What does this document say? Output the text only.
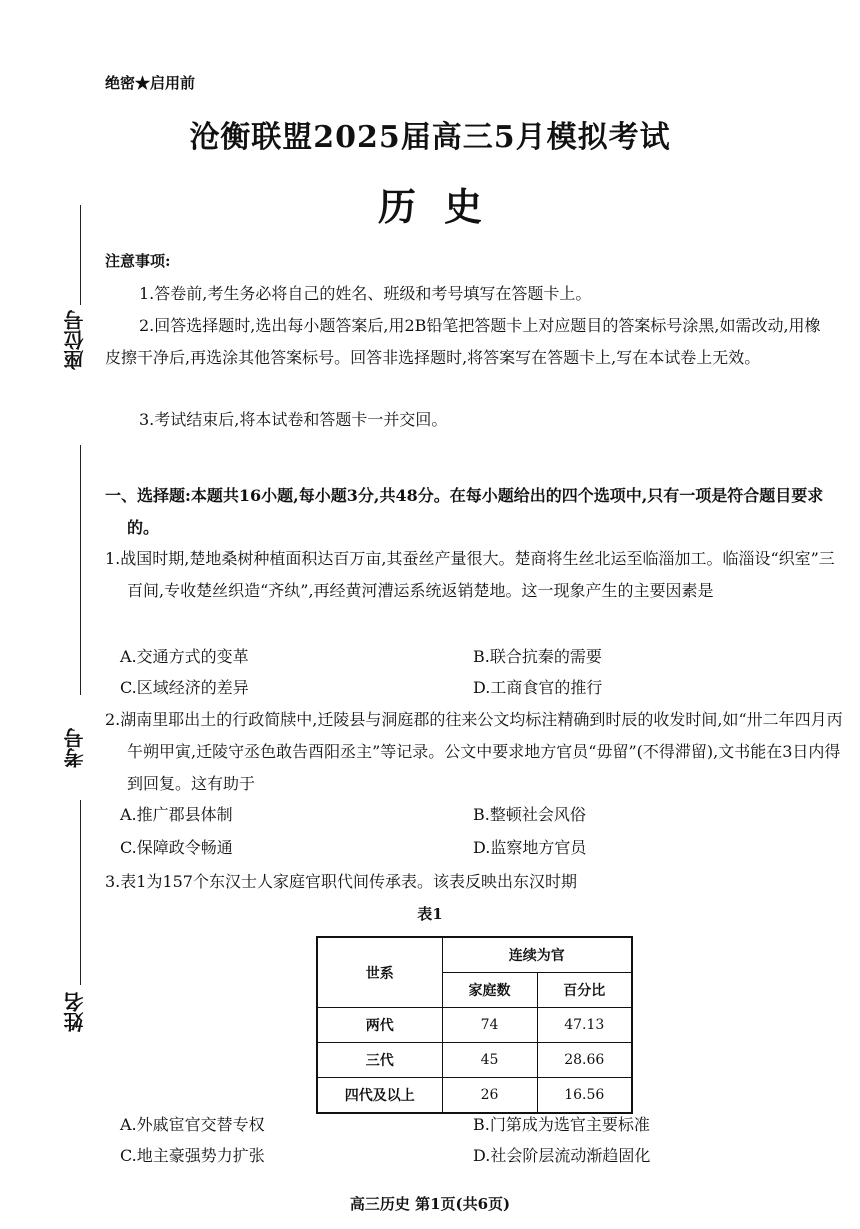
绝密★启用前
沧衡联盟2025届高三5月模拟考试
历史
座位号
考号
姓名
注意事项:
1.答卷前,考生务必将自己的姓名、班级和考号填写在答题卡上。
2.回答选择题时,选出每小题答案后,用2B铅笔把答题卡上对应题目的答案标号涂黑,如需改动,用橡皮擦干净后,再选涂其他答案标号。回答非选择题时,将答案写在答题卡上,写在本试卷上无效。
3.考试结束后,将本试卷和答题卡一并交回。
一、选择题:本题共16小题,每小题3分,共48分。在每小题给出的四个选项中,只有一项是符合题目要求的。
1.战国时期,楚地桑树种植面积达百万亩,其蚕丝产量很大。楚商将生丝北运至临淄加工。临淄设“织室”三百间,专收楚丝织造“齐纨”,再经黄河漕运系统返销楚地。这一现象产生的主要因素是
A.交通方式的变革	B.联合抗秦的需要
C.区域经济的差异	D.工商食官的推行
2.湖南里耶出土的行政简牍中,迁陵县与洞庭郡的往来公文均标注精确到时辰的收发时间,如“卅二年四月丙午朔甲寅,迁陵守丞色敢告酉阳丞主”等记录。公文中要求地方官员“毋留”(不得滞留),文书能在3日内得到回复。这有助于
A.推广郡县体制	B.整顿社会风俗
C.保障政令畅通	D.监察地方官员
3.表1为157个东汉士人家庭官职代间传承表。该表反映出东汉时期
表1
世系	连续为官	
	家庭数	百分比
两代	74	47.13
三代	45	28.66
四代及以上	26	16.56
A.外戚宦官交替专权	B.门第成为选官主要标准
C.地主豪强势力扩张	D.社会阶层流动渐趋固化
高三历史 第1页(共6页)
